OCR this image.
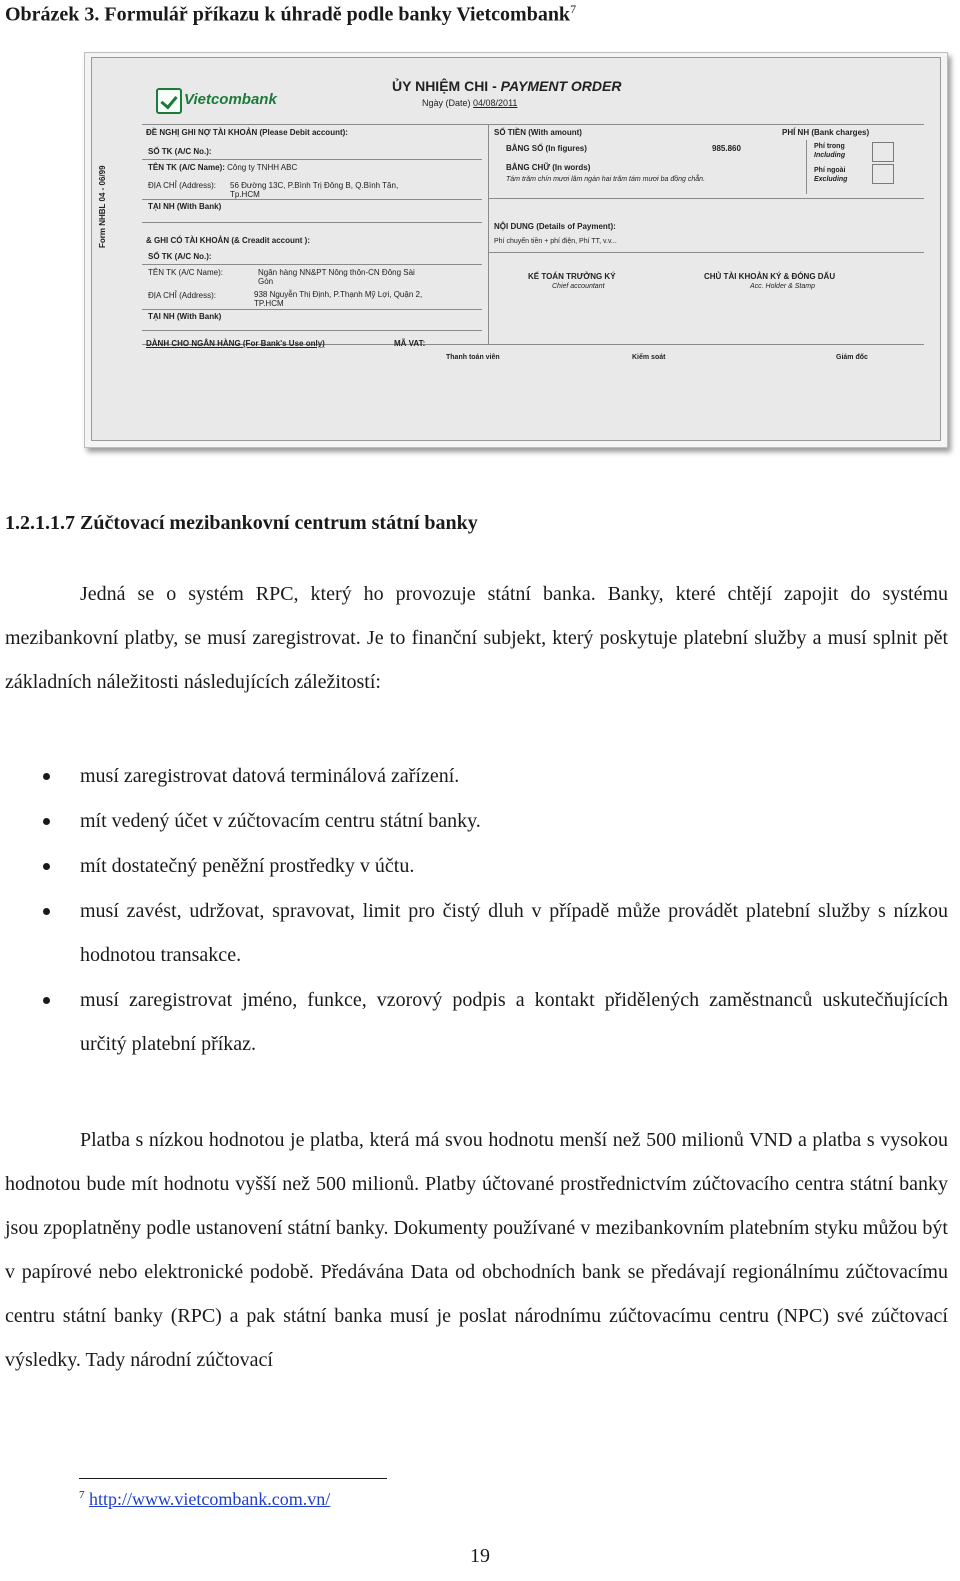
Obrázek 3. Formulář příkazu k úhradě podle banky Vietcombank$^7$
Vietcombank
Form NHBL 04 - 06/99
ỦY NHIỆM CHI - PAYMENT ORDER
Ngày (Date) 04/08/2011
ĐỀ NGHỊ GHI NỢ TÀI KHOẢN (Please Debit account):
SỐ TK (A/C No.):
TÊN TK (A/C Name): Công ty TNHH ABC
ĐỊA CHỈ (Address): 56 Đường 13C, P.Bình Trị Đông B, Q.Bình Tân,
Tp.HCM
TẠI NH (With Bank)
& GHI CÓ TÀI KHOẢN (& Creadit account ):
SỐ TK (A/C No.):
TÊN TK (A/C Name):	Ngân hàng NN&PT Nông thôn-CN Đông Sài
Gòn
ĐỊA CHỈ (Address):	938 Nguyễn Thị Định, P.Thạnh Mỹ Lợi, Quận 2,
TP.HCM
TẠI NH (With Bank)
SỐ TIỀN (With amount)	PHÍ NH (Bank charges)
BẰNG SỐ (In figures)	985.860
BẰNG CHỮ (In words)
Tám trăm chín mươi lăm ngàn hai trăm tám mươi ba đồng chẵn.
Phí trong
Including
Phí ngoài
Excluding
NỘI DUNG (Details of Payment):
Phí chuyển tiền + phí điện, Phí TT, v.v...
KẾ TOÁN TRƯỞNG KÝ
Chief accountant
CHỦ TÀI KHOẢN KÝ & ĐÓNG DẤU
Acc. Holder & Stamp
DÀNH CHO NGÂN HÀNG (For Bank's Use only)	MÃ VAT:
Thanh toán viên	Kiểm soát	Giám đốc
1.2.1.1.7 Zúčtovací mezibankovní centrum státní banky
Jedná se o systém RPC, který ho provozuje státní banka. Banky, které chtějí zapojit do systému mezibankovní platby, se musí zaregistrovat. Je to finanční subjekt, který poskytuje platební služby a musí splnit pět základních náležitosti následujících záležitostí:
musí zaregistrovat datová terminálová zařízení.
mít vedený účet v zúčtovacím centru státní banky.
mít dostatečný peněžní prostředky v účtu.
musí zavést, udržovat, spravovat, limit pro čistý dluh v případě může provádět platební služby s nízkou hodnotou transakce.
musí zaregistrovat jméno, funkce, vzorový podpis a kontakt přidělených zaměstnanců uskutečňujících určitý platební příkaz.
Platba s nízkou hodnotou je platba, která má svou hodnotu menší než 500 milionů VND a platba s vysokou hodnotou bude mít hodnotu vyšší než 500 milionů. Platby účtované prostřednictvím zúčtovacího centra státní banky jsou zpoplatněny podle ustanovení státní banky. Dokumenty používané v mezibankovním platebním styku můžou být v papírové nebo elektronické podobě. Předávána Data od obchodních bank se předávají regionálnímu zúčtovacímu centru státní banky (RPC) a pak státní banka musí je poslat národnímu zúčtovacímu centru (NPC) své zúčtovací výsledky. Tady národní zúčtovací
$^7$ http://www.vietcombank.com.vn/
19
